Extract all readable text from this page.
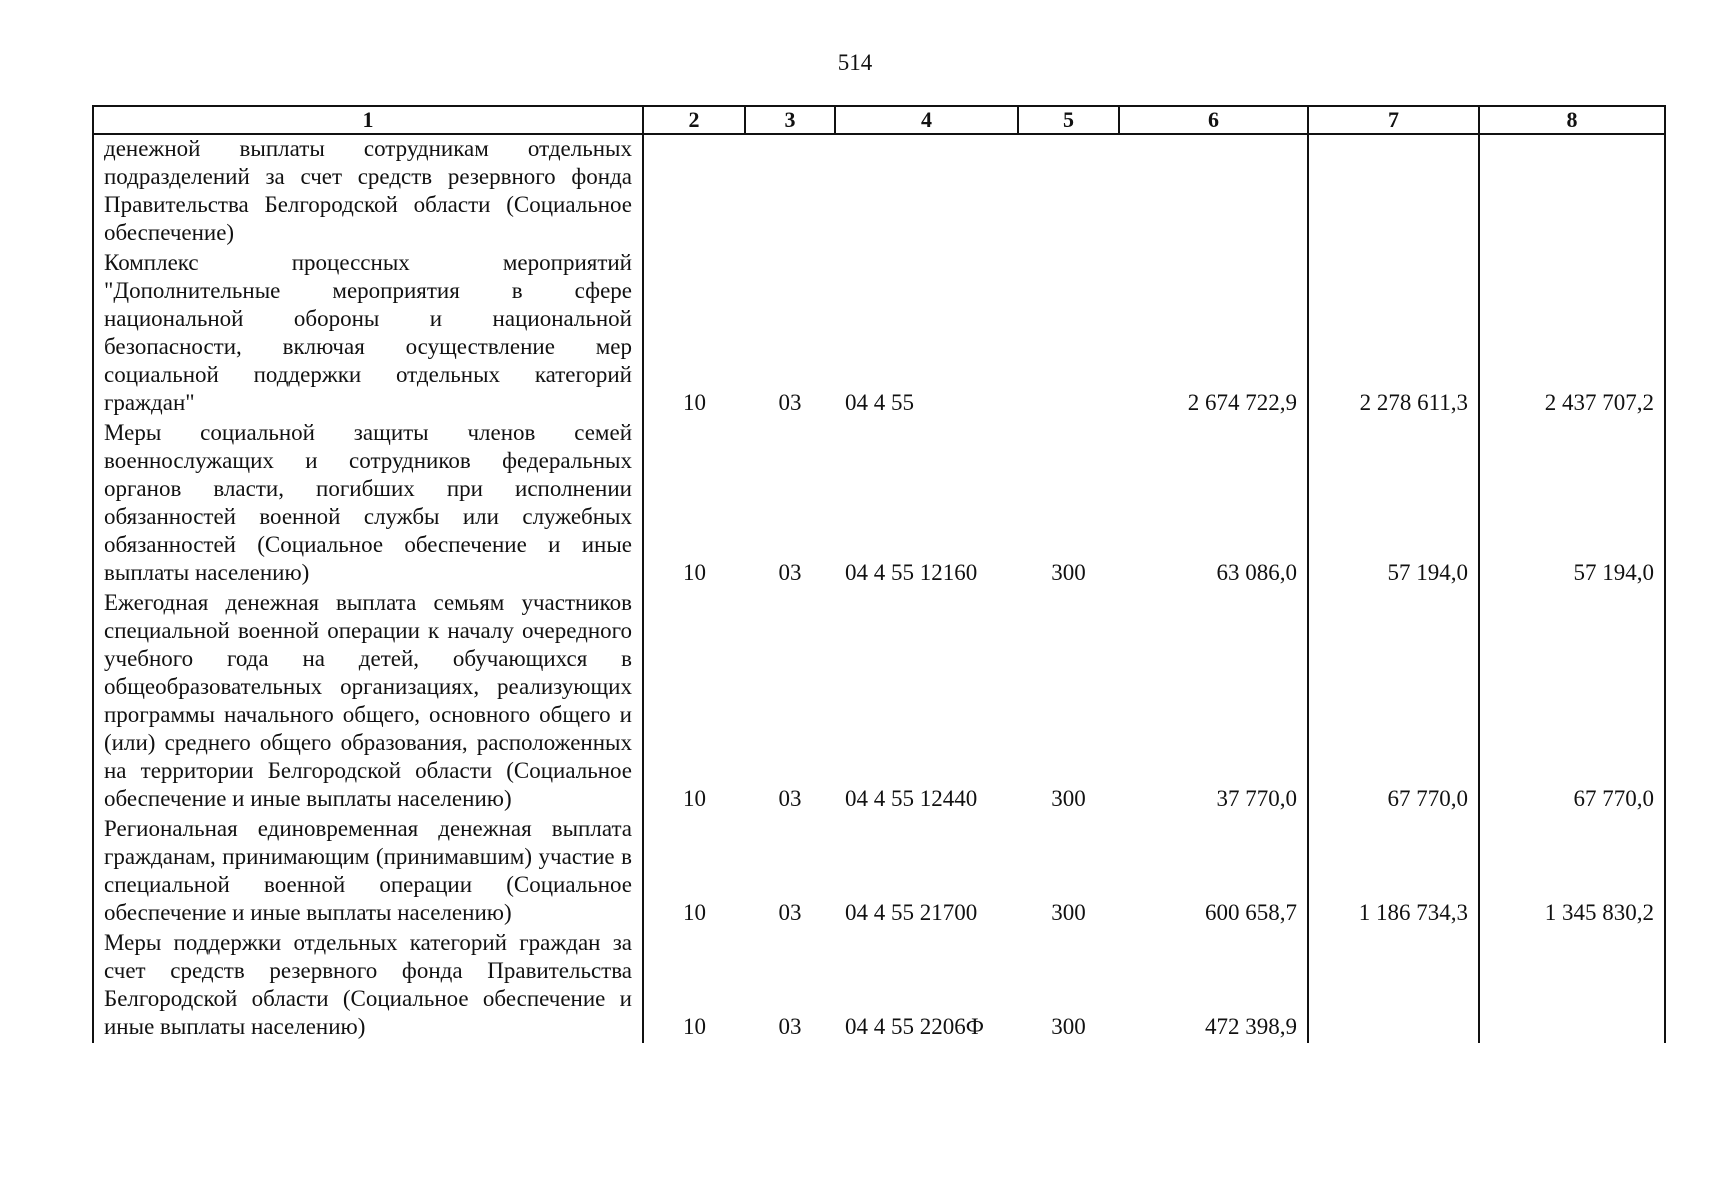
514
1	2	3	4	5	6	7	8
денежной выплаты сотрудникам отдельных подразделений за счет средств резервного фонда Правительства Белгородской области (Социальное обеспечение)							
Комплекс процессных мероприятий "Дополнительные мероприятия в сфере национальной обороны и национальной безопасности, включая осуществление мер социальной поддержки отдельных категорий граждан"	10	03	04 4 55		2 674 722,9	2 278 611,3	2 437 707,2
Меры социальной защиты членов семей военнослужащих и сотрудников федеральных органов власти, погибших при исполнении обязанностей военной службы или служебных обязанностей (Социальное обеспечение и иные выплаты населению)	10	03	04 4 55 12160	300	63 086,0	57 194,0	57 194,0
Ежегодная денежная выплата семьям участников специальной военной операции к началу очередного учебного года на детей, обучающихся в общеобразовательных организациях, реализующих программы начального общего, основного общего и (или) среднего общего образования, расположенных на территории Белгородской области (Социальное обеспечение и иные выплаты населению)	10	03	04 4 55 12440	300	37 770,0	67 770,0	67 770,0
Региональная единовременная денежная выплата гражданам, принимающим (принимавшим) участие в специальной военной операции (Социальное обеспечение и иные выплаты населению)	10	03	04 4 55 21700	300	600 658,7	1 186 734,3	1 345 830,2
Меры поддержки отдельных категорий граждан за счет средств резервного фонда Правительства Белгородской области (Социальное обеспечение и иные выплаты населению)	10	03	04 4 55 2206Ф	300	472 398,9		
